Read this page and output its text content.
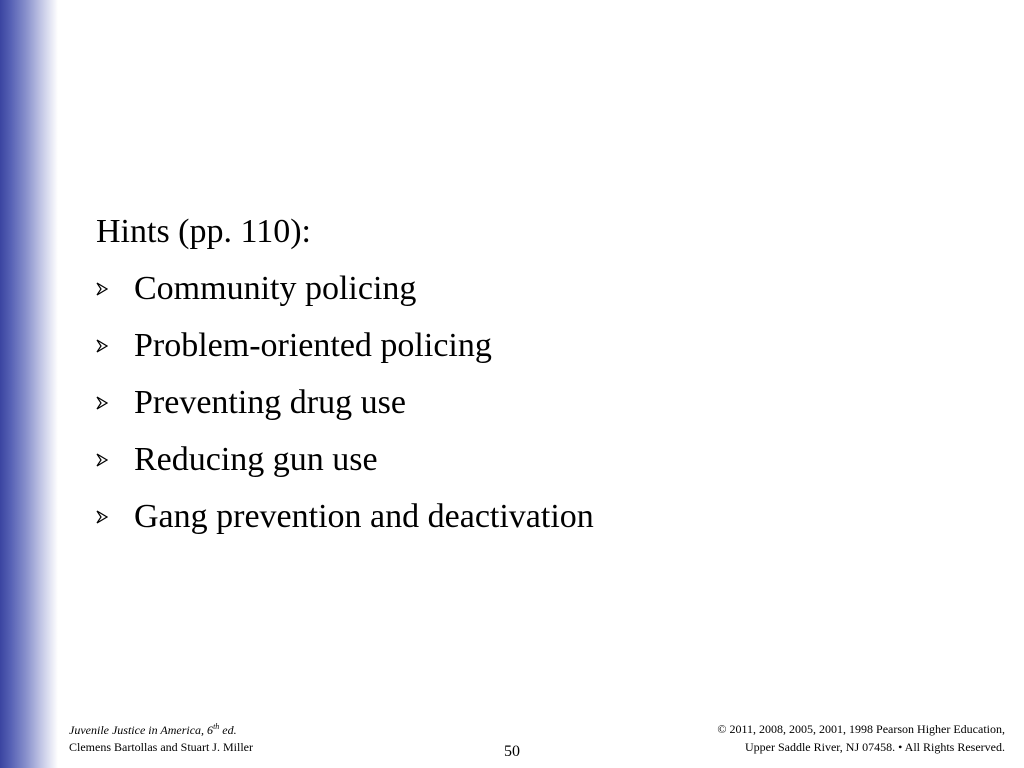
Hints (pp. 110):
Community policing
Problem-oriented policing
Preventing drug use
Reducing gun use
Gang prevention and deactivation
Juvenile Justice in America, 6th ed.
Clemens Bartollas and Stuart J. Miller	50
© 2011, 2008, 2005, 2001, 1998 Pearson Higher Education,
Upper Saddle River, NJ 07458. • All Rights Reserved.
